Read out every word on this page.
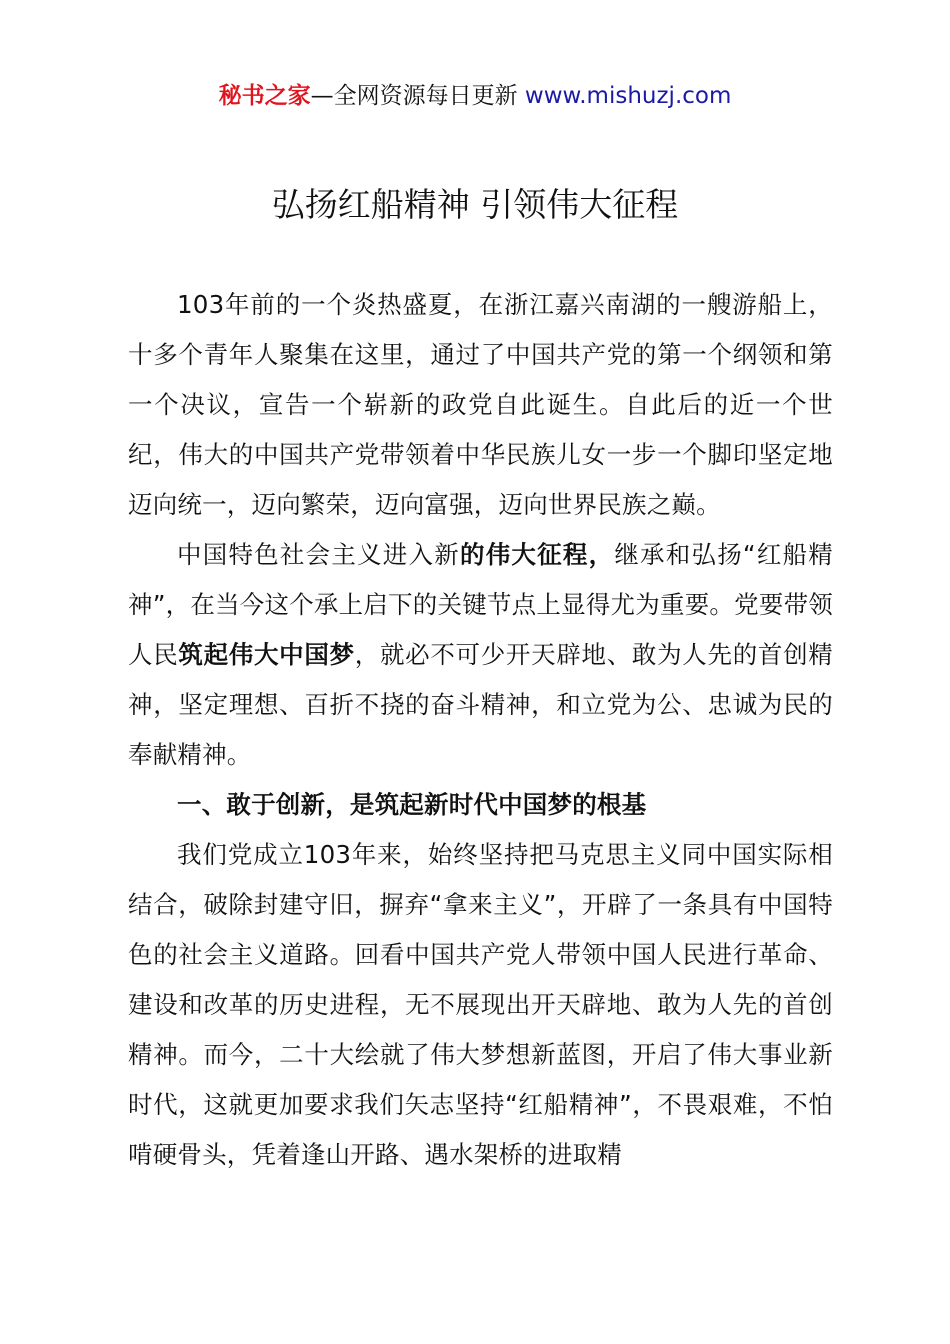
秘书之家—全网资源每日更新 www.mishuzj.com
弘扬红船精神 引领伟大征程

103年前的一个炎热盛夏，在浙江嘉兴南湖的一艘游船上，十多个青年人聚集在这里，通过了中国共产党的第一个纲领和第一个决议，宣告一个崭新的政党自此诞生。自此后的近一个世纪，伟大的中国共产党带领着中华民族儿女一步一个脚印坚定地迈向统一，迈向繁荣，迈向富强，迈向世界民族之巅。

中国特色社会主义进入新的伟大征程，继承和弘扬“红船精神”，在当今这个承上启下的关键节点上显得尤为重要。党要带领人民筑起伟大中国梦，就必不可少开天辟地、敢为人先的首创精神，坚定理想、百折不挠的奋斗精神，和立党为公、忠诚为民的奉献精神。

一、敢于创新，是筑起新时代中国梦的根基

我们党成立103年来，始终坚持把马克思主义同中国实际相结合，破除封建守旧，摒弃“拿来主义”，开辟了一条具有中国特色的社会主义道路。回看中国共产党人带领中国人民进行革命、建设和改革的历史进程，无不展现出开天辟地、敢为人先的首创精神。而今，二十大绘就了伟大梦想新蓝图，开启了伟大事业新时代，这就更加要求我们矢志坚持“红船精神”，不畏艰难，不怕啃硬骨头，凭着逢山开路、遇水架桥的进取精
